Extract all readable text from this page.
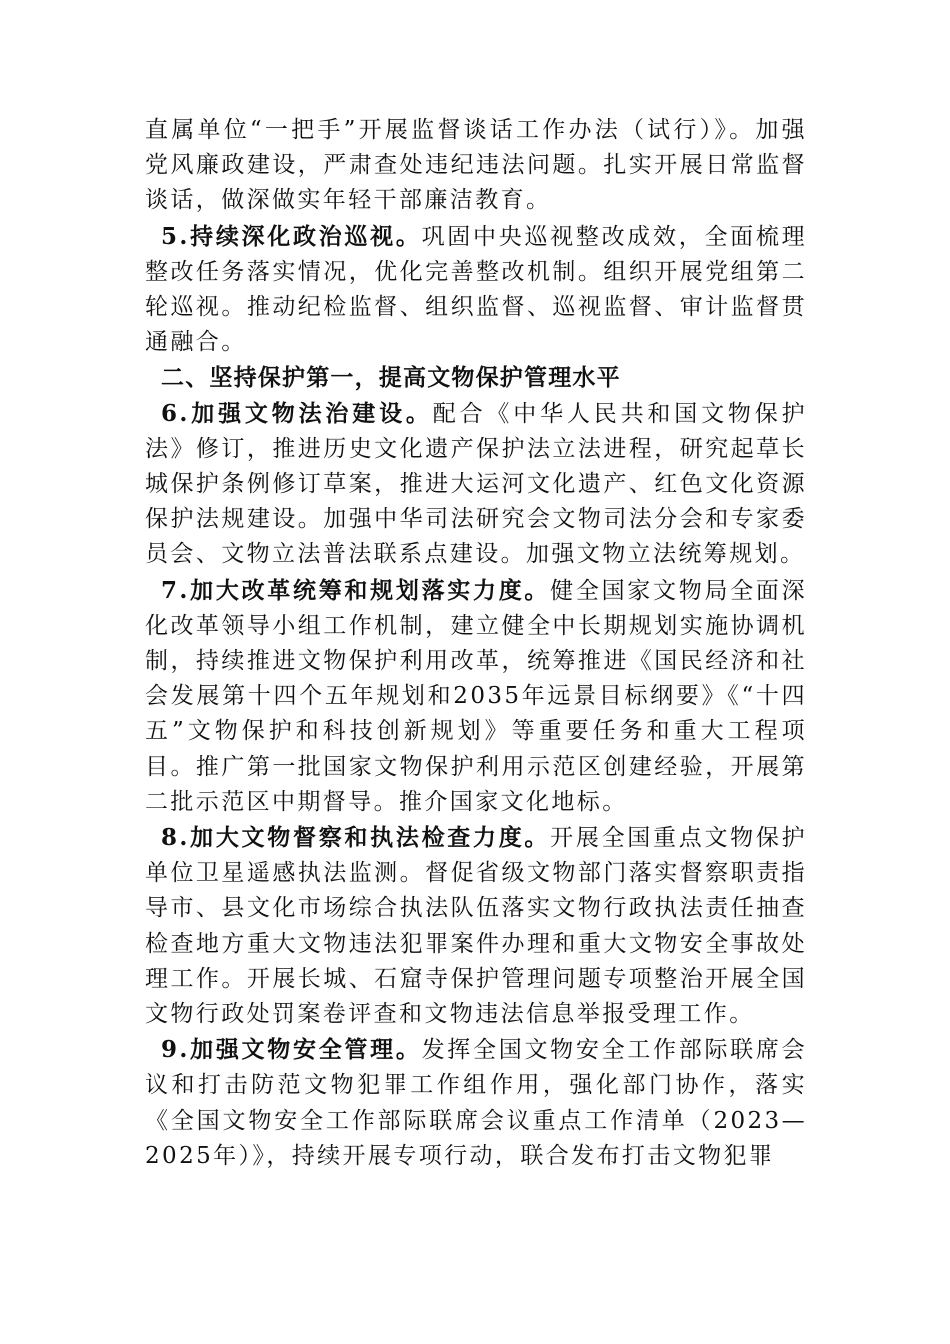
直属单位“一把手”开展监督谈话工作办法（试行）》。加强党风廉政建设，严肃查处违纪违法问题。扎实开展日常监督谈话，做深做实年轻干部廉洁教育。

5.持续深化政治巡视。巩固中央巡视整改成效，全面梳理整改任务落实情况，优化完善整改机制。组织开展党组第二轮巡视。推动纪检监督、组织监督、巡视监督、审计监督贯通融合。

二、坚持保护第一，提高文物保护管理水平

6.加强文物法治建设。配合《中华人民共和国文物保护法》修订，推进历史文化遗产保护法立法进程，研究起草长城保护条例修订草案，推进大运河文化遗产、红色文化资源保护法规建设。加强中华司法研究会文物司法分会和专家委员会、文物立法普法联系点建设。加强文物立法统筹规划。

7.加大改革统筹和规划落实力度。健全国家文物局全面深化改革领导小组工作机制，建立健全中长期规划实施协调机制，持续推进文物保护利用改革，统筹推进《国民经济和社会发展第十四个五年规划和2035年远景目标纲要》《“十四五”文物保护和科技创新规划》等重要任务和重大工程项目。推广第一批国家文物保护利用示范区创建经验，开展第二批示范区中期督导。推介国家文化地标。

8.加大文物督察和执法检查力度。开展全国重点文物保护单位卫星遥感执法监测。督促省级文物部门落实督察职责指导市、县文化市场综合执法队伍落实文物行政执法责任抽查检查地方重大文物违法犯罪案件办理和重大文物安全事故处理工作。开展长城、石窟寺保护管理问题专项整治开展全国文物行政处罚案卷评查和文物违法信息举报受理工作。

9.加强文物安全管理。发挥全国文物安全工作部际联席会议和打击防范文物犯罪工作组作用，强化部门协作，落实《全国文物安全工作部际联席会议重点工作清单（2023—2025年）》，持续开展专项行动，联合发布打击文物犯罪
